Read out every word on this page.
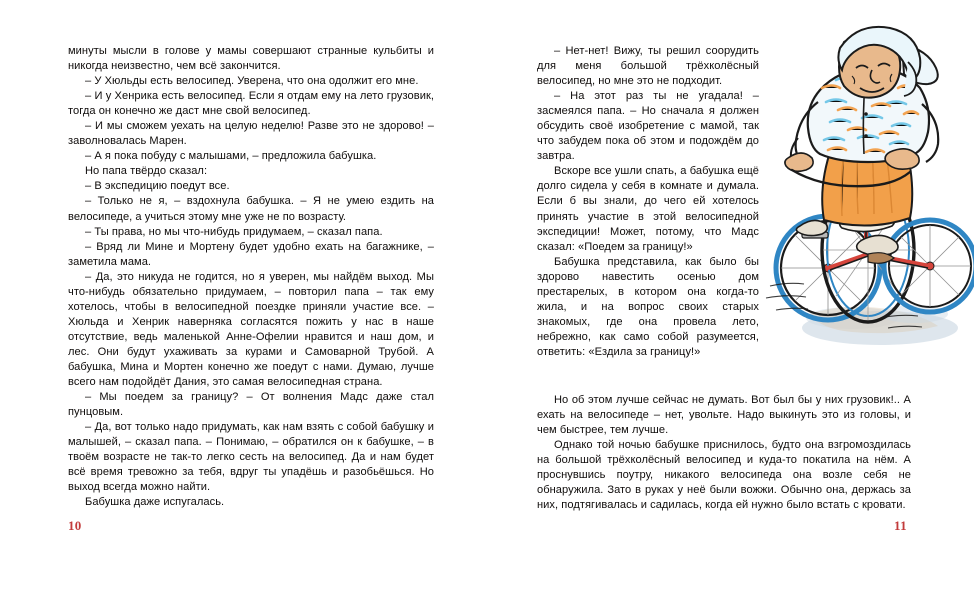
минуты мысли в голове у мамы совершают странные кульбиты и никогда неизвестно, чем всё закончится.

– У Хюльды есть велосипед. Уверена, что она одолжит его мне.

– И у Хенрика есть велосипед. Если я отдам ему на лето грузовик, тогда он конечно же даст мне свой велосипед.

– И мы сможем уехать на целую неделю! Разве это не здорово! – заволновалась Марен.

– А я пока побуду с малышами, – предложила бабушка.

Но папа твёрдо сказал:

– В экспедицию поедут все.

– Только не я, – вздохнула бабушка. – Я не умею ездить на велосипеде, а учиться этому мне уже не по возрасту.

– Ты права, но мы что-нибудь придумаем, – сказал папа.

– Вряд ли Мине и Мортену будет удобно ехать на багажнике, – заметила мама.

– Да, это никуда не годится, но я уверен, мы найдём выход. Мы что-нибудь обязательно придумаем, – повторил папа – так ему хотелось, чтобы в велосипедной поездке приняли участие все. – Хюльда и Хенрик наверняка согласятся пожить у нас в наше отсутствие, ведь маленькой Анне-Офелии нравится и наш дом, и лес. Они будут ухаживать за курами и Самоварной Трубой. А бабушка, Мина и Мортен конечно же поедут с нами. Думаю, лучше всего нам подойдёт Дания, это самая велосипедная страна.

– Мы поедем за границу? – От волнения Мадс даже стал пунцовым.

– Да, вот только надо придумать, как нам взять с собой бабушку и малышей, – сказал папа. – Понимаю, – обратился он к бабушке, – в твоём возрасте не так-то легко сесть на велосипед. Да и нам будет всё время тревожно за тебя, вдруг ты упадёшь и разобьёшься. Но выход всегда можно найти.

Бабушка даже испугалась.

10

– Нет-нет! Вижу, ты решил соорудить для меня большой трёхколёсный велосипед, но мне это не подходит.

– На этот раз ты не угадала! – засмеялся папа. – Но сначала я должен обсудить своё изобретение с мамой, так что забудем пока об этом и подождём до завтра.

Вскоре все ушли спать, а бабушка ещё долго сидела у себя в комнате и думала. Если б вы знали, до чего ей хотелось принять участие в этой велосипедной экспедиции! Может, потому, что Мадс сказал: «Поедем за границу!»

Бабушка представила, как было бы здорово навестить осенью дом престарелых, в котором она когда-то жила, и на вопрос своих старых знакомых, где она провела лето, небрежно, как само собой разумеется, ответить: «Ездила за границу!»

Но об этом лучше сейчас не думать. Вот был бы у них грузовик!.. А ехать на велосипеде – нет, увольте. Надо выкинуть это из головы, и чем быстрее, тем лучше.

Однако той ночью бабушке приснилось, будто она взгромоздилась на большой трёхколёсный велосипед и куда-то покатила на нём. А проснувшись поутру, никакого велосипеда она возле себя не обнаружила. Зато в руках у неё были вожжи. Обычно она, держась за них, подтягивалась и садилась, когда ей нужно было встать с кровати.

11
